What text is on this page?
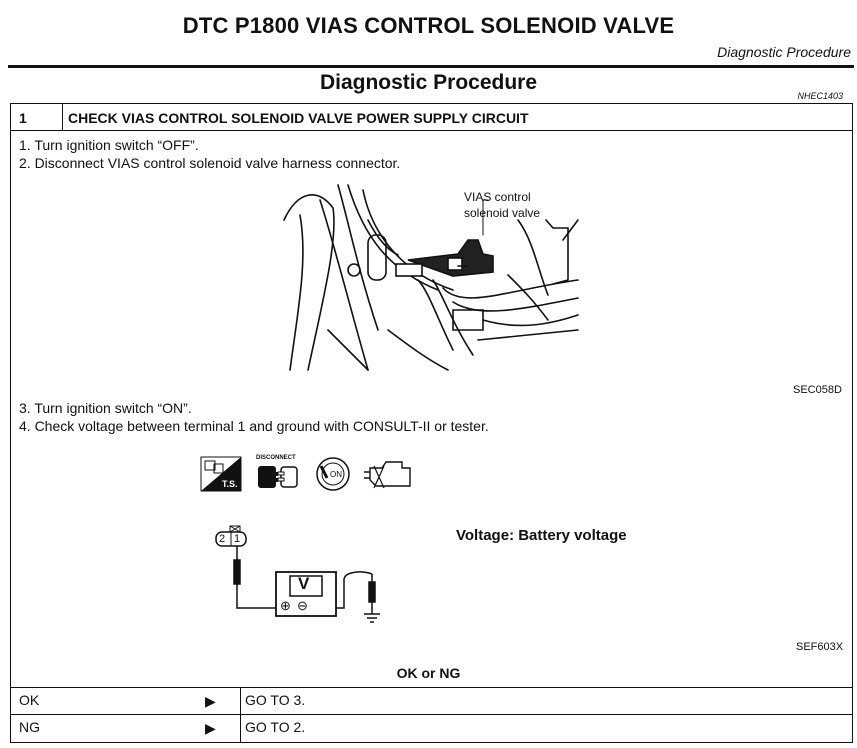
DTC P1800 VIAS CONTROL SOLENOID VALVE
Diagnostic Procedure
Diagnostic Procedure
NHEC1403
1	CHECK VIAS CONTROL SOLENOID VALVE POWER SUPPLY CIRCUIT
1. Turn ignition switch “OFF”.
2. Disconnect VIAS control solenoid valve harness connector.
VIAS control
solenoid valve
SEC058D
3. Turn ignition switch “ON”.
4. Check voltage between terminal 1 and ground with CONSULT-II or tester.
T.S.
DISCONNECT
ON
2 1
V
⊕ ⊖
Voltage: Battery voltage
SEF603X
OK or NG
OK	▶ GO TO 3.
NG	▶ GO TO 2.
